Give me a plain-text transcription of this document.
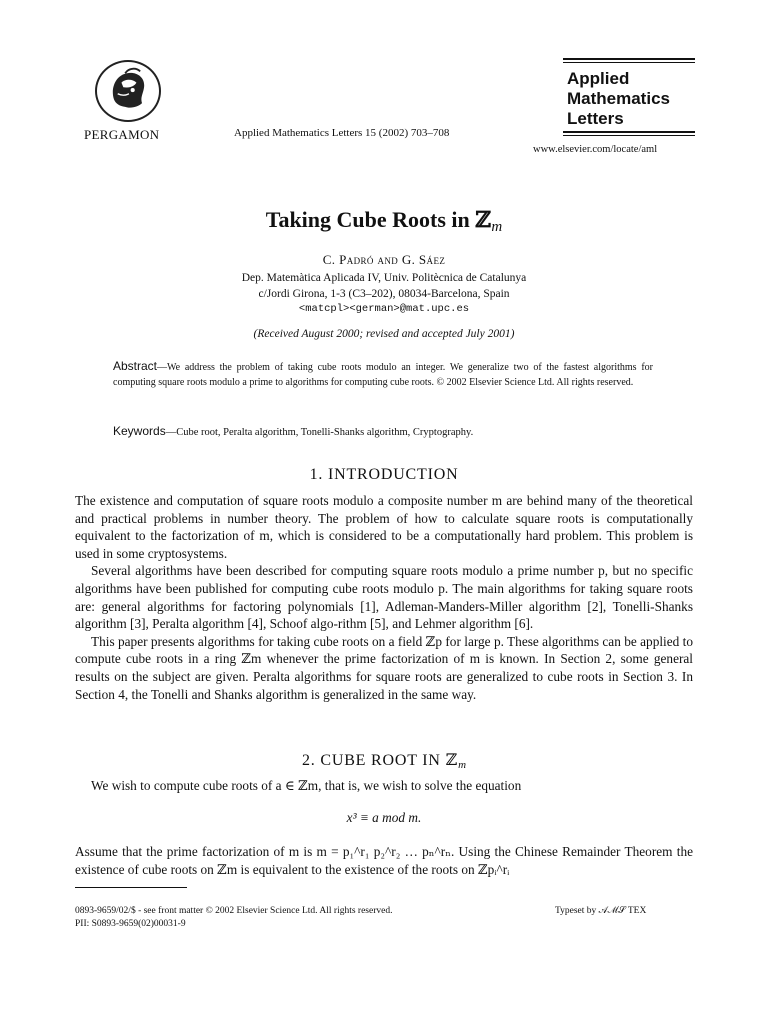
PERGAMON	Applied Mathematics Letters 15 (2002) 703–708
Applied
Mathematics
Letters
www.elsevier.com/locate/aml
Taking Cube Roots in ℤm
C. Padró and G. Sáez
Dep. Matemàtica Aplicada IV, Univ. Politècnica de Catalunya
c/Jordi Girona, 1-3 (C3–202), 08034-Barcelona, Spain
<matcpl><german>@mat.upc.es
(Received August 2000; revised and accepted July 2001)
Abstract—We address the problem of taking cube roots modulo an integer. We generalize two of the fastest algorithms for computing square roots modulo a prime to algorithms for computing cube roots. © 2002 Elsevier Science Ltd. All rights reserved.
Keywords—Cube root, Peralta algorithm, Tonelli-Shanks algorithm, Cryptography.
1. INTRODUCTION

The existence and computation of square roots modulo a composite number m are behind many of the theoretical and practical problems in number theory. The problem of how to calculate square roots is computationally equivalent to the factorization of m, which is considered to be a computationally hard problem. This problem is used in some cryptosystems.

Several algorithms have been described for computing square roots modulo a prime number p, but no specific algorithms have been published for computing cube roots modulo p. The main algorithms for taking square roots are: general algorithms for factoring polynomials [1], Adleman-Manders-Miller algorithm [2], Tonelli-Shanks algorithm [3], Peralta algorithm [4], Schoof algo-rithm [5], and Lehmer algorithm [6].

This paper presents algorithms for taking cube roots on a field ℤp for large p. These algorithms can be applied to compute cube roots in a ring ℤm whenever the prime factorization of m is known. In Section 2, some general results on the subject are given. Peralta algorithms for square roots are generalized to cube roots in Section 3. In Section 4, the Tonelli and Shanks algorithm is generalized in the same way.

2. CUBE ROOT IN ℤm

We wish to compute cube roots of a ∈ ℤm, that is, we wish to solve the equation

x³ ≡ a mod m.

Assume that the prime factorization of m is m = p₁^r₁ p₂^r₂ … pₙ^rₙ. Using the Chinese Remainder Theorem the existence of cube roots on ℤm is equivalent to the existence of the roots on ℤpᵢ^rᵢ

0893-9659/02/$ - see front matter © 2002 Elsevier Science Ltd. All rights reserved.
PII: S0893-9659(02)00031-9
Typeset by 𝒜ℳ𝒮 TEX
